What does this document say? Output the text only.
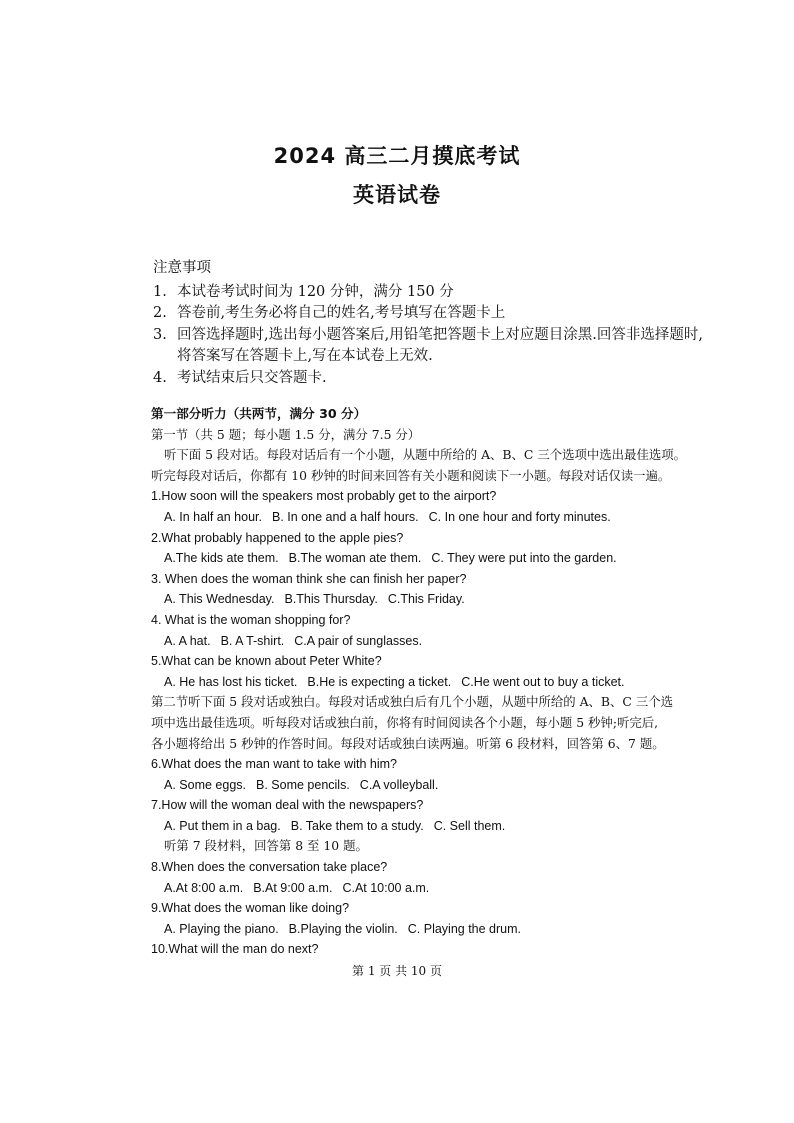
2024 高三二月摸底考试
英语试卷
注意事项
1. 本试卷考试时间为 120 分钟，满分 150 分
2. 答卷前,考生务必将自己的姓名,考号填写在答题卡上
3. 回答选择题时,选出每小题答案后,用铅笔把答题卡上对应题目涂黑.回答非选择题时,将答案写在答题卡上,写在本试卷上无效.
4. 考试结束后只交答题卡.
第一部分听力（共两节，满分 30 分）
第一节（共 5 题；每小题 1.5 分，满分 7.5 分）
听下面 5 段对话。每段对话后有一个小题，从题中所给的 A、B、C 三个选项中选出最佳选项。
听完每段对话后，你都有 10 秒钟的时间来回答有关小题和阅读下一小题。每段对话仅读一遍。
1.How soon will the speakers most probably get to the airport?
A. In half an hour. B. In one and a half hours. C. In one hour and forty minutes.
2.What probably happened to the apple pies?
A.The kids ate them. B.The woman ate them. C. They were put into the garden.
3. When does the woman think she can finish her paper?
A. This Wednesday. B.This Thursday. C.This Friday.
4. What is the woman shopping for?
A. A hat. B. A T-shirt. C.A pair of sunglasses.
5.What can be known about Peter White?
A. He has lost his ticket. B.He is expecting a ticket. C.He went out to buy a ticket.
第二节听下面 5 段对话或独白。每段对话或独白后有几个小题，从题中所给的 A、B、C 三个选
项中选出最佳选项。听每段对话或独白前，你将有时间阅读各个小题，每小题 5 秒钟;听完后,
各小题将给出 5 秒钟的作答时间。每段对话或独白读两遍。听第 6 段材料，回答第 6、7 题。
6.What does the man want to take with him?
A. Some eggs. B. Some pencils. C.A volleyball.
7.How will the woman deal with the newspapers?
A. Put them in a bag. B. Take them to a study. C. Sell them.
听第 7 段材料，回答第 8 至 10 题。
8.When does the conversation take place?
A.At 8:00 a.m. B.At 9:00 a.m. C.At 10:00 a.m.
9.What does the woman like doing?
A. Playing the piano. B.Playing the violin. C. Playing the drum.
10.What will the man do next?
第 1 页 共 10 页
